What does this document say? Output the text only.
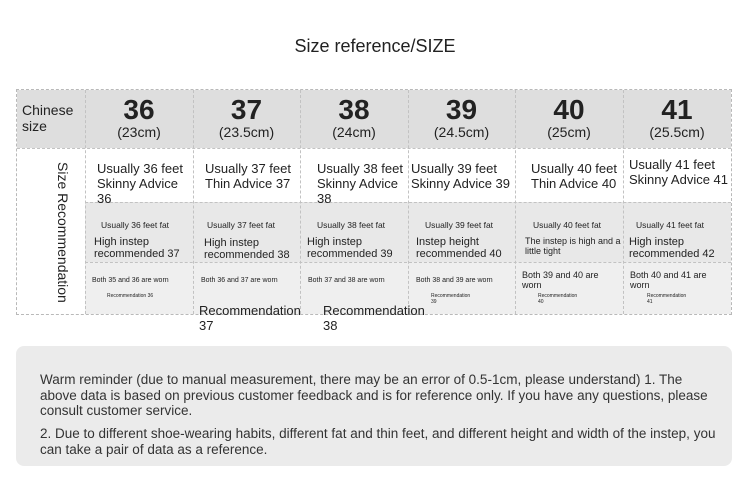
Size reference/SIZE
Chinese size
Size Recommendation
36
(23cm)
Usually 36 feet Skinny Advice 36
Usually 36 feet fat
High instep recommended 37
Both 35 and 36 are worn
Recommendation 36
37
(23.5cm)
Usually 37 feet Thin Advice 37
Usually 37 feet fat
High instep recommended 38
Both 36 and 37 are worn
Recommendation 37
38
(24cm)
Usually 38 feet Skinny Advice 38
Usually 38 feet fat
High instep recommended 39
Both 37 and 38 are worn
Recommendation 38
39
(24.5cm)
Usually 39 feet Skinny Advice 39
Usually 39 feet fat
Instep height recommended 40
Both 38 and 39 are worn
Recommendation 39
40
(25cm)
Usually 40 feet Thin Advice 40
Usually 40 feet fat
The instep is high and a little tight
Both 39 and 40 are worn
Recommendation 40
41
(25.5cm)
Usually 41 feet Skinny Advice 41
Usually 41 feet fat
High instep recommended 42
Both 40 and 41 are worn
Recommendation 41
Warm reminder (due to manual measurement, there may be an error of 0.5-1cm, please understand) 1. The above data is based on previous customer feedback and is for reference only. If you have any questions, please consult customer service.
2. Due to different shoe-wearing habits, different fat and thin feet, and different height and width of the instep, you can take a pair of data as a reference.
